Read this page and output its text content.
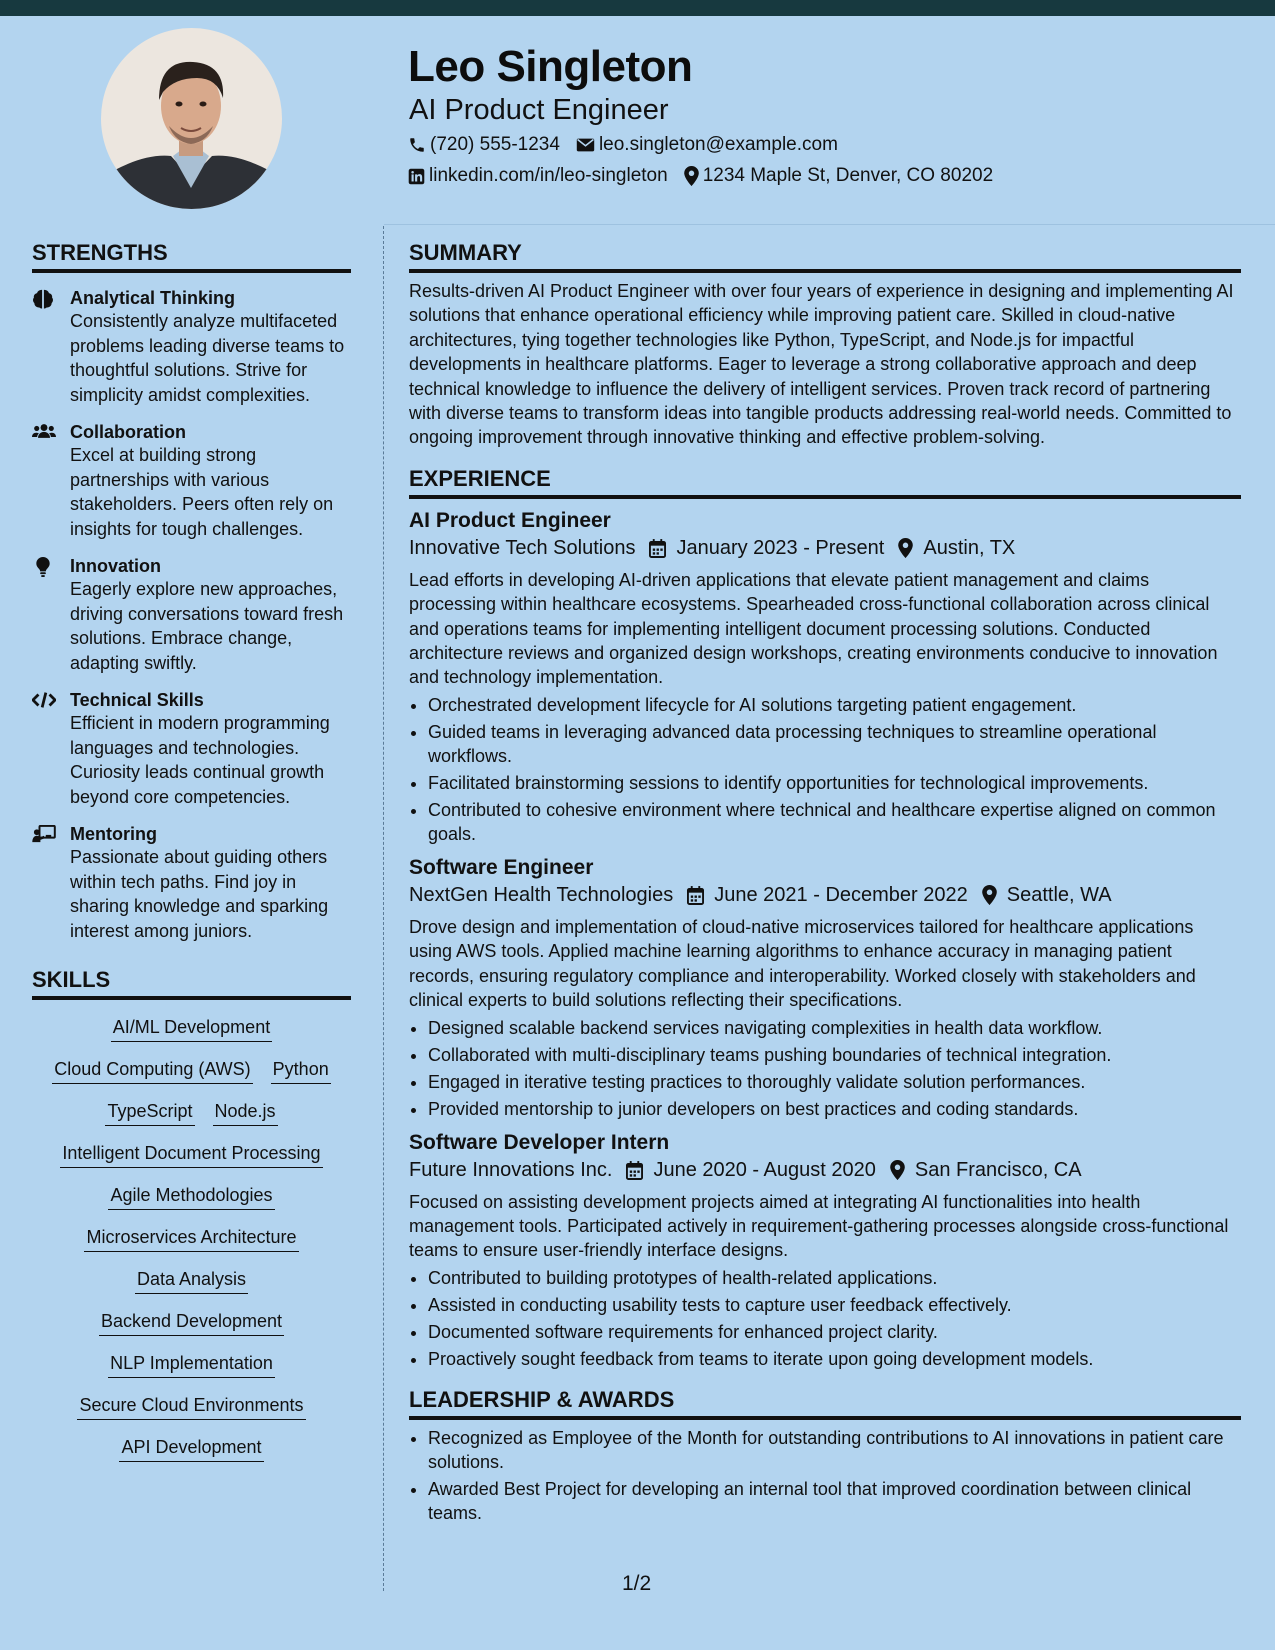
Leo Singleton
AI Product Engineer
(720) 555-1234 leo.singleton@example.com
linkedin.com/in/leo-singleton 1234 Maple St, Denver, CO 80202
STRENGTHS
Analytical Thinking
Consistently analyze multifaceted problems leading diverse teams to thoughtful solutions. Strive for simplicity amidst complexities.
Collaboration
Excel at building strong partnerships with various stakeholders. Peers often rely on insights for tough challenges.
Innovation
Eagerly explore new approaches, driving conversations toward fresh solutions. Embrace change, adapting swiftly.
Technical Skills
Efficient in modern programming languages and technologies. Curiosity leads continual growth beyond core competencies.
Mentoring
Passionate about guiding others within tech paths. Find joy in sharing knowledge and sparking interest among juniors.
SKILLS
AI/ML Development
Cloud Computing (AWS) Python
TypeScript Node.js
Intelligent Document Processing
Agile Methodologies
Microservices Architecture
Data Analysis
Backend Development
NLP Implementation
Secure Cloud Environments
API Development
SUMMARY
Results-driven AI Product Engineer with over four years of experience in designing and implementing AI solutions that enhance operational efficiency while improving patient care. Skilled in cloud-native architectures, tying together technologies like Python, TypeScript, and Node.js for impactful developments in healthcare platforms. Eager to leverage a strong collaborative approach and deep technical knowledge to influence the delivery of intelligent services. Proven track record of partnering with diverse teams to transform ideas into tangible products addressing real-world needs. Committed to ongoing improvement through innovative thinking and effective problem-solving.
EXPERIENCE
AI Product Engineer
Innovative Tech Solutions January 2023 - Present Austin, TX
Lead efforts in developing AI-driven applications that elevate patient management and claims processing within healthcare ecosystems. Spearheaded cross-functional collaboration across clinical and operations teams for implementing intelligent document processing solutions. Conducted architecture reviews and organized design workshops, creating environments conducive to innovation and technology implementation.
• Orchestrated development lifecycle for AI solutions targeting patient engagement.
• Guided teams in leveraging advanced data processing techniques to streamline operational workflows.
• Facilitated brainstorming sessions to identify opportunities for technological improvements.
• Contributed to cohesive environment where technical and healthcare expertise aligned on common goals.
Software Engineer
NextGen Health Technologies June 2021 - December 2022 Seattle, WA
Drove design and implementation of cloud-native microservices tailored for healthcare applications using AWS tools. Applied machine learning algorithms to enhance accuracy in managing patient records, ensuring regulatory compliance and interoperability. Worked closely with stakeholders and clinical experts to build solutions reflecting their specifications.
• Designed scalable backend services navigating complexities in health data workflow.
• Collaborated with multi-disciplinary teams pushing boundaries of technical integration.
• Engaged in iterative testing practices to thoroughly validate solution performances.
• Provided mentorship to junior developers on best practices and coding standards.
Software Developer Intern
Future Innovations Inc. June 2020 - August 2020 San Francisco, CA
Focused on assisting development projects aimed at integrating AI functionalities into health management tools. Participated actively in requirement-gathering processes alongside cross-functional teams to ensure user-friendly interface designs.
• Contributed to building prototypes of health-related applications.
• Assisted in conducting usability tests to capture user feedback effectively.
• Documented software requirements for enhanced project clarity.
• Proactively sought feedback from teams to iterate upon going development models.
LEADERSHIP & AWARDS
• Recognized as Employee of the Month for outstanding contributions to AI innovations in patient care solutions.
• Awarded Best Project for developing an internal tool that improved coordination between clinical teams.
1/2
